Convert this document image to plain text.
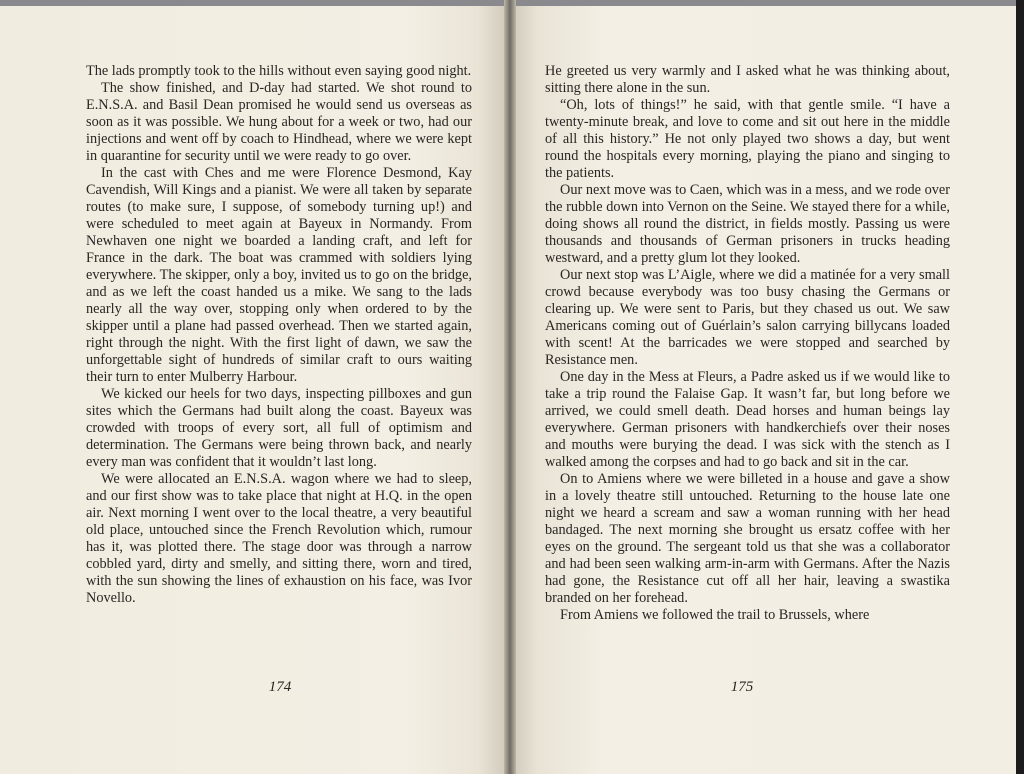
The lads promptly took to the hills without even saying good night.

The show finished, and D-day had started. We shot round to E.N.S.A. and Basil Dean promised he would send us overseas as soon as it was possible. We hung about for a week or two, had our injections and went off by coach to Hindhead, where we were kept in quarantine for security until we were ready to go over.

In the cast with Ches and me were Florence Desmond, Kay Cavendish, Will Kings and a pianist. We were all taken by separate routes (to make sure, I suppose, of somebody turning up!) and were scheduled to meet again at Bayeux in Normandy. From Newhaven one night we boarded a landing craft, and left for France in the dark. The boat was crammed with soldiers lying everywhere. The skipper, only a boy, invited us to go on the bridge, and as we left the coast handed us a mike. We sang to the lads nearly all the way over, stopping only when ordered to by the skipper until a plane had passed overhead. Then we started again, right through the night. With the first light of dawn, we saw the unforgettable sight of hundreds of similar craft to ours waiting their turn to enter Mulberry Harbour.

We kicked our heels for two days, inspecting pillboxes and gun sites which the Germans had built along the coast. Bayeux was crowded with troops of every sort, all full of optimism and determination. The Germans were being thrown back, and nearly every man was confident that it wouldn’t last long.

We were allocated an E.N.S.A. wagon where we had to sleep, and our first show was to take place that night at H.Q. in the open air. Next morning I went over to the local theatre, a very beautiful old place, untouched since the French Revolution which, rumour has it, was plotted there. The stage door was through a narrow cobbled yard, dirty and smelly, and sitting there, worn and tired, with the sun showing the lines of exhaustion on his face, was Ivor Novello.

174

He greeted us very warmly and I asked what he was thinking about, sitting there alone in the sun.

“Oh, lots of things!” he said, with that gentle smile. “I have a twenty-minute break, and love to come and sit out here in the middle of all this history.” He not only played two shows a day, but went round the hospitals every morning, playing the piano and singing to the patients.

Our next move was to Caen, which was in a mess, and we rode over the rubble down into Vernon on the Seine. We stayed there for a while, doing shows all round the district, in fields mostly. Passing us were thousands and thousands of German prisoners in trucks heading westward, and a pretty glum lot they looked.

Our next stop was L’Aigle, where we did a matinée for a very small crowd because everybody was too busy chasing the Germans or clearing up. We were sent to Paris, but they chased us out. We saw Americans coming out of Guérlain’s salon carrying billycans loaded with scent! At the barricades we were stopped and searched by Resistance men.

One day in the Mess at Fleurs, a Padre asked us if we would like to take a trip round the Falaise Gap. It wasn’t far, but long before we arrived, we could smell death. Dead horses and human beings lay everywhere. German prisoners with handkerchiefs over their noses and mouths were burying the dead. I was sick with the stench as I walked among the corpses and had to go back and sit in the car.

On to Amiens where we were billeted in a house and gave a show in a lovely theatre still untouched. Returning to the house late one night we heard a scream and saw a woman running with her head bandaged. The next morning she brought us ersatz coffee with her eyes on the ground. The sergeant told us that she was a collaborator and had been seen walking arm-in-arm with Germans. After the Nazis had gone, the Resistance cut off all her hair, leaving a swastika branded on her forehead.

From Amiens we followed the trail to Brussels, where

175
